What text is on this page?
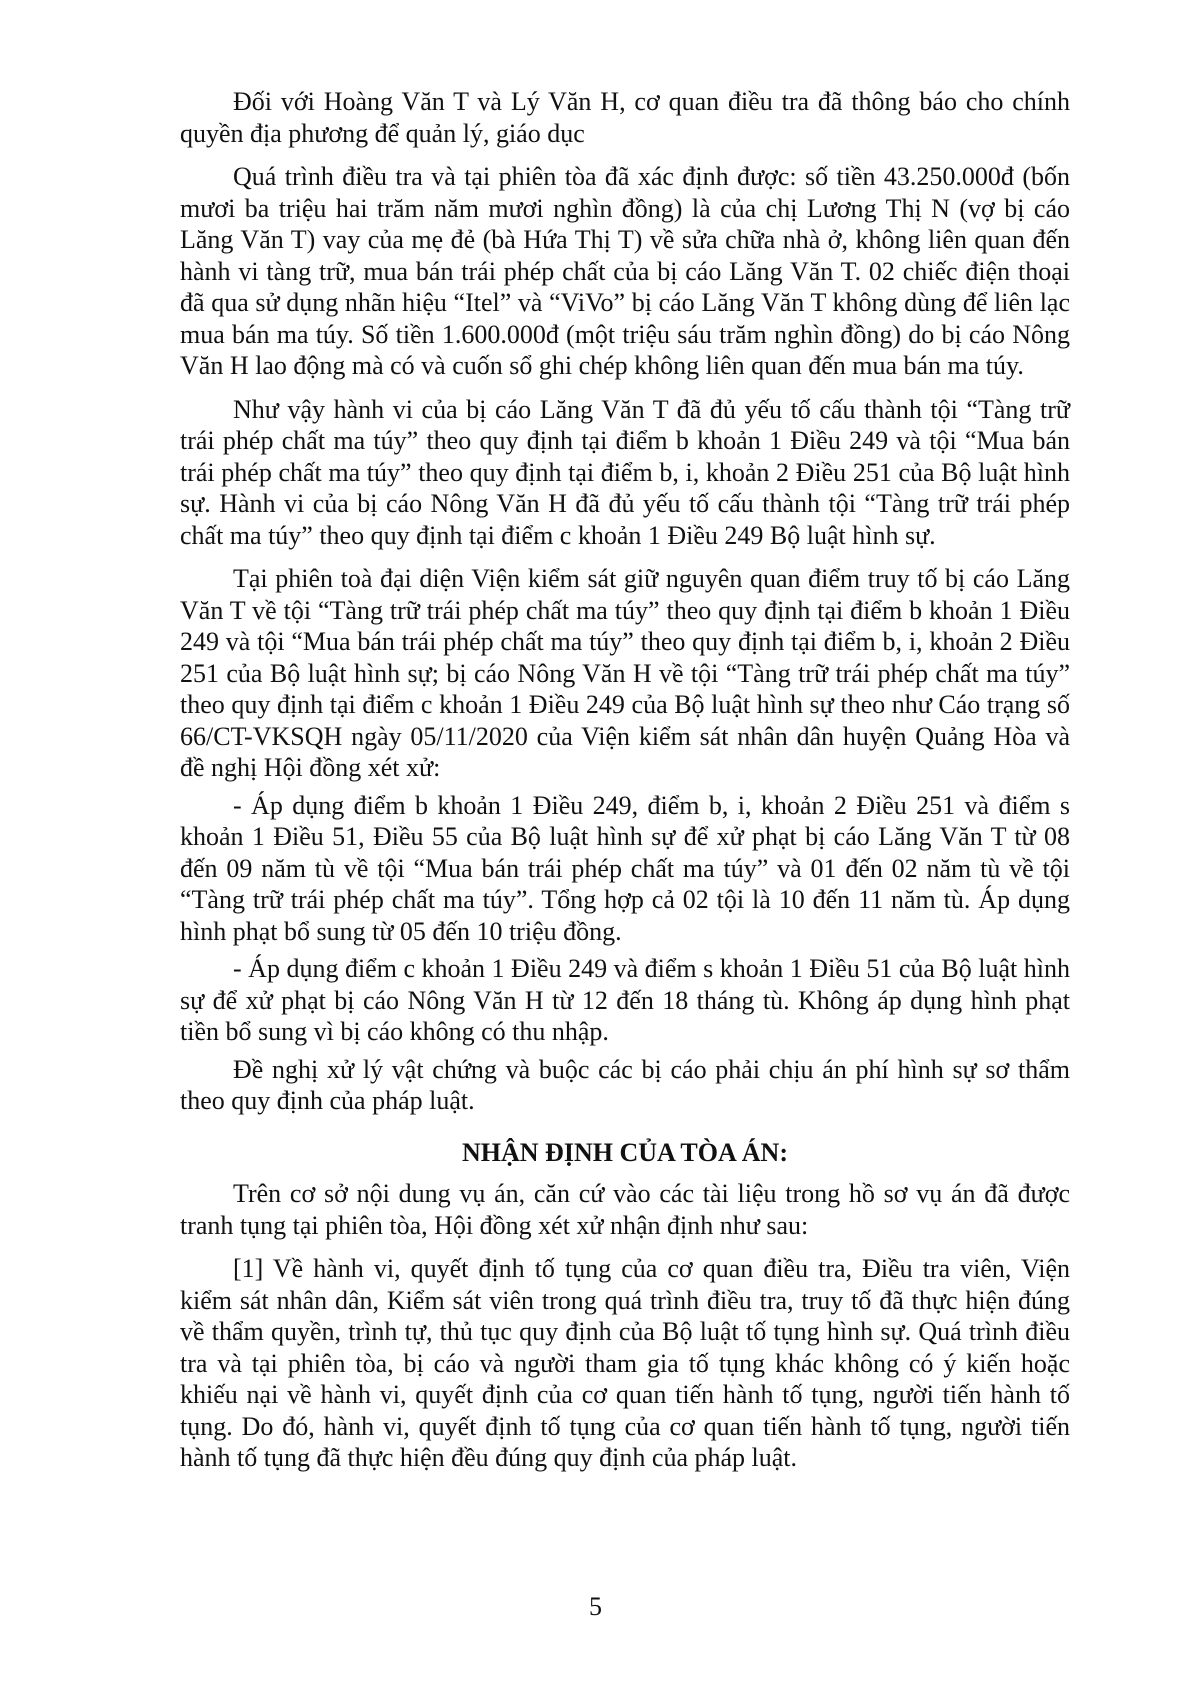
Đối với Hoàng Văn T và Lý Văn H, cơ quan điều tra đã thông báo cho chính quyền địa phương để quản lý, giáo dục

Quá trình điều tra và tại phiên tòa đã xác định được: số tiền 43.250.000đ (bốn mươi ba triệu hai trăm năm mươi nghìn đồng) là của chị Lương Thị N (vợ bị cáo Lăng Văn T) vay của mẹ đẻ (bà Hứa Thị T) về sửa chữa nhà ở, không liên quan đến hành vi tàng trữ, mua bán trái phép chất của bị cáo Lăng Văn T. 02 chiếc điện thoại đã qua sử dụng nhãn hiệu “Itel” và “ViVo” bị cáo Lăng Văn T không dùng để liên lạc mua bán ma túy. Số tiền 1.600.000đ (một triệu sáu trăm nghìn đồng) do bị cáo Nông Văn H lao động mà có và cuốn sổ ghi chép không liên quan đến mua bán ma túy.

Như vậy hành vi của bị cáo Lăng Văn T đã đủ yếu tố cấu thành tội “Tàng trữ trái phép chất ma túy” theo quy định tại điểm b khoản 1 Điều 249 và tội “Mua bán trái phép chất ma túy” theo quy định tại điểm b, i, khoản 2 Điều 251 của Bộ luật hình sự. Hành vi của bị cáo Nông Văn H đã đủ yếu tố cấu thành tội “Tàng trữ trái phép chất ma túy” theo quy định tại điểm c khoản 1 Điều 249 Bộ luật hình sự.

Tại phiên toà đại diện Viện kiểm sát giữ nguyên quan điểm truy tố bị cáo Lăng Văn T về tội “Tàng trữ trái phép chất ma túy” theo quy định tại điểm b khoản 1 Điều 249 và tội “Mua bán trái phép chất ma túy” theo quy định tại điểm b, i, khoản 2 Điều 251 của Bộ luật hình sự; bị cáo Nông Văn H về tội “Tàng trữ trái phép chất ma túy” theo quy định tại điểm c khoản 1 Điều 249 của Bộ luật hình sự theo như Cáo trạng số 66/CT-VKSQH ngày 05/11/2020 của Viện kiểm sát nhân dân huyện Quảng Hòa và đề nghị Hội đồng xét xử:

- Áp dụng điểm b khoản 1 Điều 249, điểm b, i, khoản 2 Điều 251 và điểm s khoản 1 Điều 51, Điều 55 của Bộ luật hình sự để xử phạt bị cáo Lăng Văn T từ 08 đến 09 năm tù về tội “Mua bán trái phép chất ma túy” và 01 đến 02 năm tù về tội “Tàng trữ trái phép chất ma túy”. Tổng hợp cả 02 tội là 10 đến 11 năm tù. Áp dụng hình phạt bổ sung từ 05 đến 10 triệu đồng.

- Áp dụng điểm c khoản 1 Điều 249 và điểm s khoản 1 Điều 51 của Bộ luật hình sự để xử phạt bị cáo Nông Văn H từ 12 đến 18 tháng tù. Không áp dụng hình phạt tiền bổ sung vì bị cáo không có thu nhập.

Đề nghị xử lý vật chứng và buộc các bị cáo phải chịu án phí hình sự sơ thẩm theo quy định của pháp luật.

NHẬN ĐỊNH CỦA TÒA ÁN:

Trên cơ sở nội dung vụ án, căn cứ vào các tài liệu trong hồ sơ vụ án đã được tranh tụng tại phiên tòa, Hội đồng xét xử nhận định như sau:

[1] Về hành vi, quyết định tố tụng của cơ quan điều tra, Điều tra viên, Viện kiểm sát nhân dân, Kiểm sát viên trong quá trình điều tra, truy tố đã thực hiện đúng về thẩm quyền, trình tự, thủ tục quy định của Bộ luật tố tụng hình sự. Quá trình điều tra và tại phiên tòa, bị cáo và người tham gia tố tụng khác không có ý kiến hoặc khiếu nại về hành vi, quyết định của cơ quan tiến hành tố tụng, người tiến hành tố tụng. Do đó, hành vi, quyết định tố tụng của cơ quan tiến hành tố tụng, người tiến hành tố tụng đã thực hiện đều đúng quy định của pháp luật.

5
